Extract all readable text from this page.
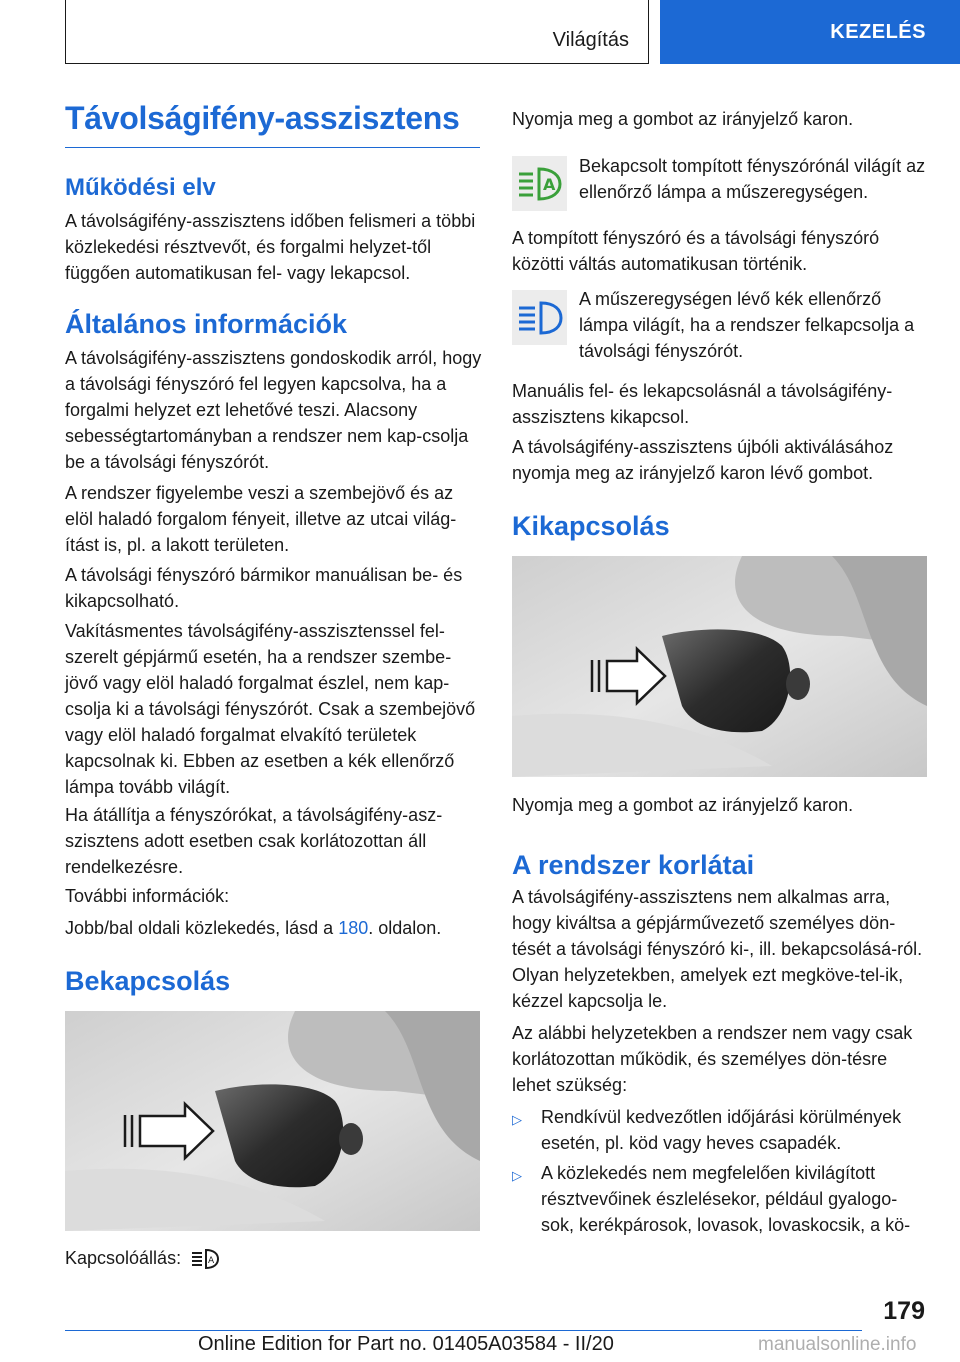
Világítás	KEZELÉS
Távolságifény-asszisztens
Működési elv

A távolságifény-asszisztens időben felismeri a többi közlekedési résztvevőt, és forgalmi helyzet-től függően automatikusan fel- vagy lekapcsol.

Általános információk

A távolságifény-asszisztens gondoskodik arról, hogy a távolsági fényszóró fel legyen kapcsolva, ha a forgalmi helyzet ezt lehetővé teszi. Alacsony sebességtartományban a rendszer nem kap-csolja be a távolsági fényszórót.

A rendszer figyelembe veszi a szembejövő és az elöl haladó forgalom fényeit, illetve az utcai világ-ítást is, pl. a lakott területen.

A távolsági fényszóró bármikor manuálisan be- és kikapcsolható.

Vakításmentes távolságifény-asszisztenssel fel-szerelt gépjármű esetén, ha a rendszer szembe-jövő vagy elöl haladó forgalmat észlel, nem kap-csolja ki a távolsági fényszórót. Csak a szembejövő vagy elöl haladó forgalmat elvakító területek kapcsolnak ki. Ebben az esetben a kék ellenőrző lámpa tovább világít.

Ha átállítja a fényszórókat, a távolságifény-asz-szisztens adott esetben csak korlátozottan áll rendelkezésre.

További információk:

Jobb/bal oldali közlekedés, lásd a 180. oldalon.

Bekapcsolás

Kapcsolóállás:	A

Nyomja meg a gombot az irányjelző karon.

A

Bekapcsolt tompított fényszórónál világít az ellenőrző lámpa a műszeregységen.

A tompított fényszóró és a távolsági fényszóró közötti váltás automatikusan történik.

A műszeregységen lévő kék ellenőrző lámpa világít, ha a rendszer felkapcsolja a távolsági fényszórót.

Manuális fel- és lekapcsolásnál a távolságifény-asszisztens kikapcsol.

A távolságifény-asszisztens újbóli aktiválásához nyomja meg az irányjelző karon lévő gombot.

Kikapcsolás

Nyomja meg a gombot az irányjelző karon.

A rendszer korlátai

A távolságifény-asszisztens nem alkalmas arra, hogy kiváltsa a gépjárművezető személyes dön-tését a távolsági fényszóró ki-, ill. bekapcsolásá-ról. Olyan helyzetekben, amelyek ezt megköve-tel-ik, kézzel kapcsolja le.

Az alábbi helyzetekben a rendszer nem vagy csak korlátozottan működik, és személyes dön-tésre lehet szükség:

▷ Rendkívül kedvezőtlen időjárási körülmények esetén, pl. köd vagy heves csapadék.
▷ A közlekedés nem megfelelően kivilágított résztvevőinek észlelésekor, például gyalogo-sok, kerékpárosok, lovasok, lovaskocsik, a kö-
179
Online Edition for Part no. 01405A03584 - II/20	manualsonline.info
